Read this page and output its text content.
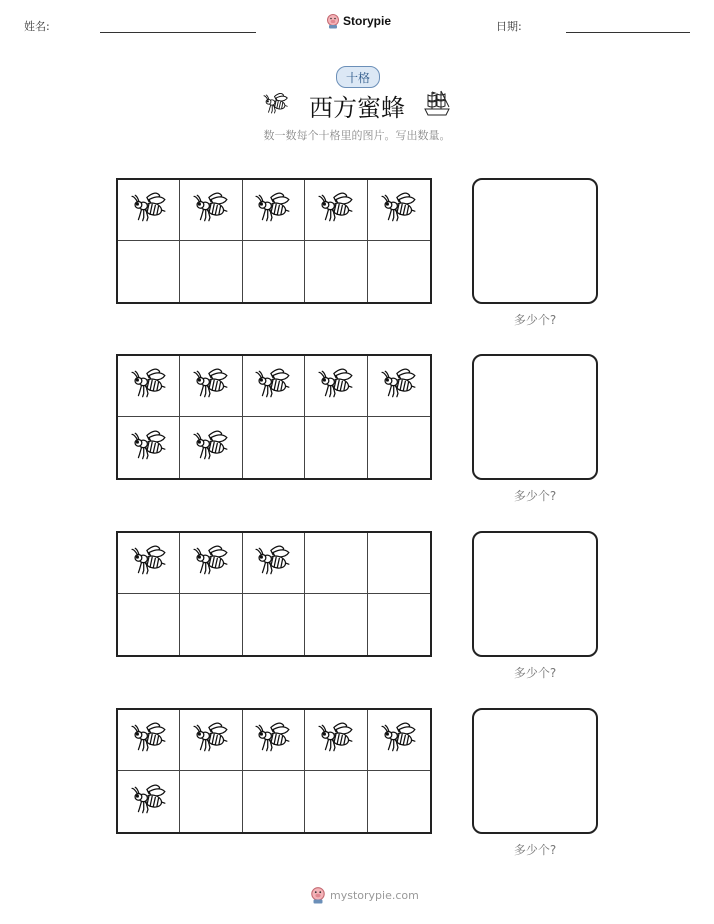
姓名:	Storypie	日期:
十格
西方蜜蜂
数一数每个十格里的图片。写出数量。
多少个?
多少个?
多少个?
多少个?
mystorypie.com
